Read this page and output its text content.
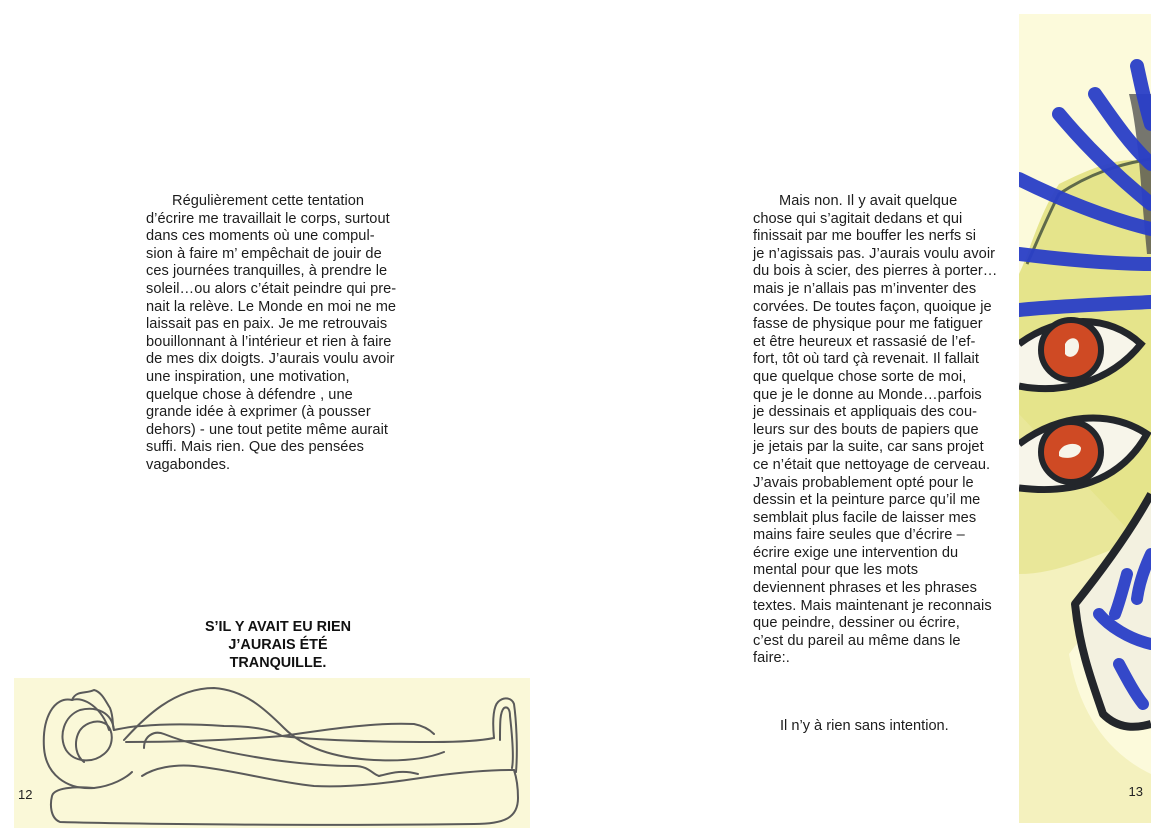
Régulièrement cette tentation

d’écrire me travaillait le corps, surtout

dans ces moments où une compul-

sion à faire m’ empêchait de jouir de

ces journées tranquilles, à prendre le

soleil…ou alors c’était peindre qui pre-

nait la relève. Le Monde en moi ne me

laissait pas en paix. Je me retrouvais

bouillonnant à l’intérieur et rien à faire

de mes dix doigts. J’aurais voulu avoir

une inspiration, une motivation,

quelque chose à défendre , une

grande idée à exprimer (à pousser

dehors) - une tout petite même aurait

suffi. Mais rien. Que des pensées

vagabondes.

S’IL Y AVAIT EU RIEN
J’AURAIS ÉTÉ
TRANQUILLE.
12

Mais non. Il y avait quelque

chose qui s’agitait dedans et qui

finissait par me bouffer les nerfs si

je n’agissais pas. J’aurais voulu avoir

du bois à scier, des pierres à porter…

mais je n’allais pas m’inventer des

corvées. De toutes façon, quoique je

fasse de physique pour me fatiguer

et être heureux et rassasié de l’ef-

fort, tôt où tard çà revenait. Il fallait

que quelque chose sorte de moi,

que je le donne au Monde…parfois

je dessinais et appliquais des cou-

leurs sur des bouts de papiers que

je jetais par la suite, car sans projet

ce n’était que nettoyage de cerveau.

J’avais probablement opté pour le

dessin et la peinture parce qu’il me

semblait plus facile de laisser mes

mains faire seules que d’écrire –

écrire exige une intervention du

mental pour que les mots

deviennent phrases et les phrases

textes. Mais maintenant je reconnais

que peindre, dessiner ou écrire,

c’est du pareil au même dans le

faire:.

Il n’y à rien sans intention.
13
